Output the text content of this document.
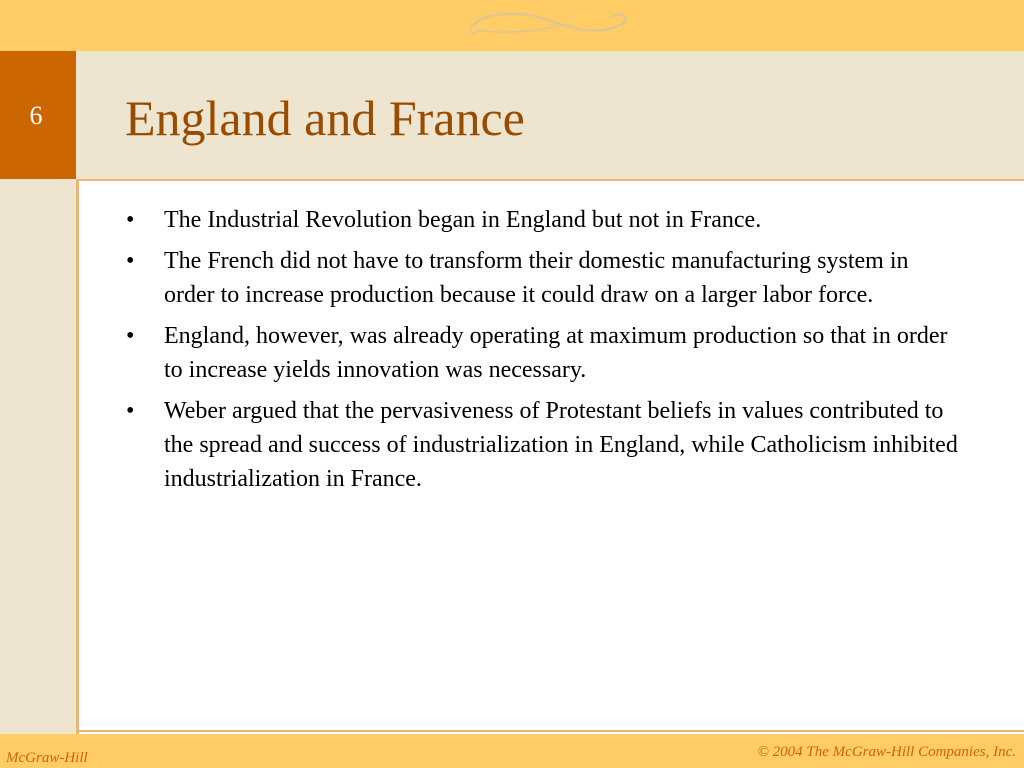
6	England and France
• The Industrial Revolution began in England but not in France.
• The French did not have to transform their domestic manufacturing system in order to increase production because it could draw on a larger labor force.
• England, however, was already operating at maximum production so that in order to increase yields innovation was necessary.
• Weber argued that the pervasiveness of Protestant beliefs in values contributed to the spread and success of industrialization in England, while Catholicism inhibited industrialization in France.
McGraw-Hill	© 2004 The McGraw-Hill Companies, Inc.
